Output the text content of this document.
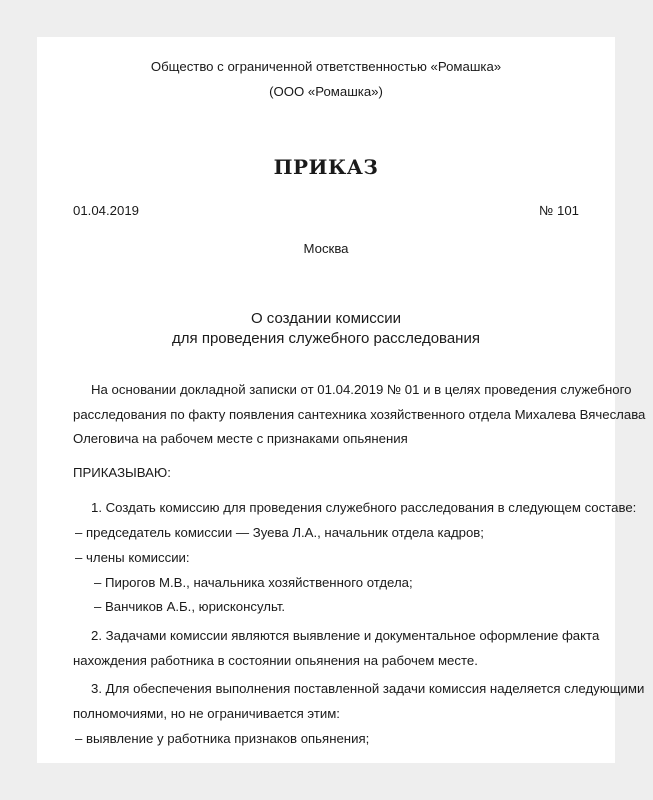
Общество с ограниченной ответственностью «Ромашка»
(ООО «Ромашка»)
ПРИКАЗ
01.04.2019	№ 101
Москва
О создании комиссии
для проведения служебного расследования
На основании докладной записки от 01.04.2019 № 01 и в целях проведения служебного
расследования по факту появления сантехника хозяйственного отдела Михалева Вячеслава
Олеговича на рабочем месте с признаками опьянения
ПРИКАЗЫВАЮ:
1. Создать комиссию для проведения служебного расследования в следующем составе:
– председатель комиссии — Зуева Л.А., начальник отдела кадров;
– члены комиссии:
– Пирогов М.В., начальника хозяйственного отдела;
– Ванчиков А.Б., юрисконсульт.
2. Задачами комиссии являются выявление и документальное оформление факта
нахождения работника в состоянии опьянения на рабочем месте.
3. Для обеспечения выполнения поставленной задачи комиссия наделяется следующими
полномочиями, но не ограничивается этим:
– выявление у работника признаков опьянения;
